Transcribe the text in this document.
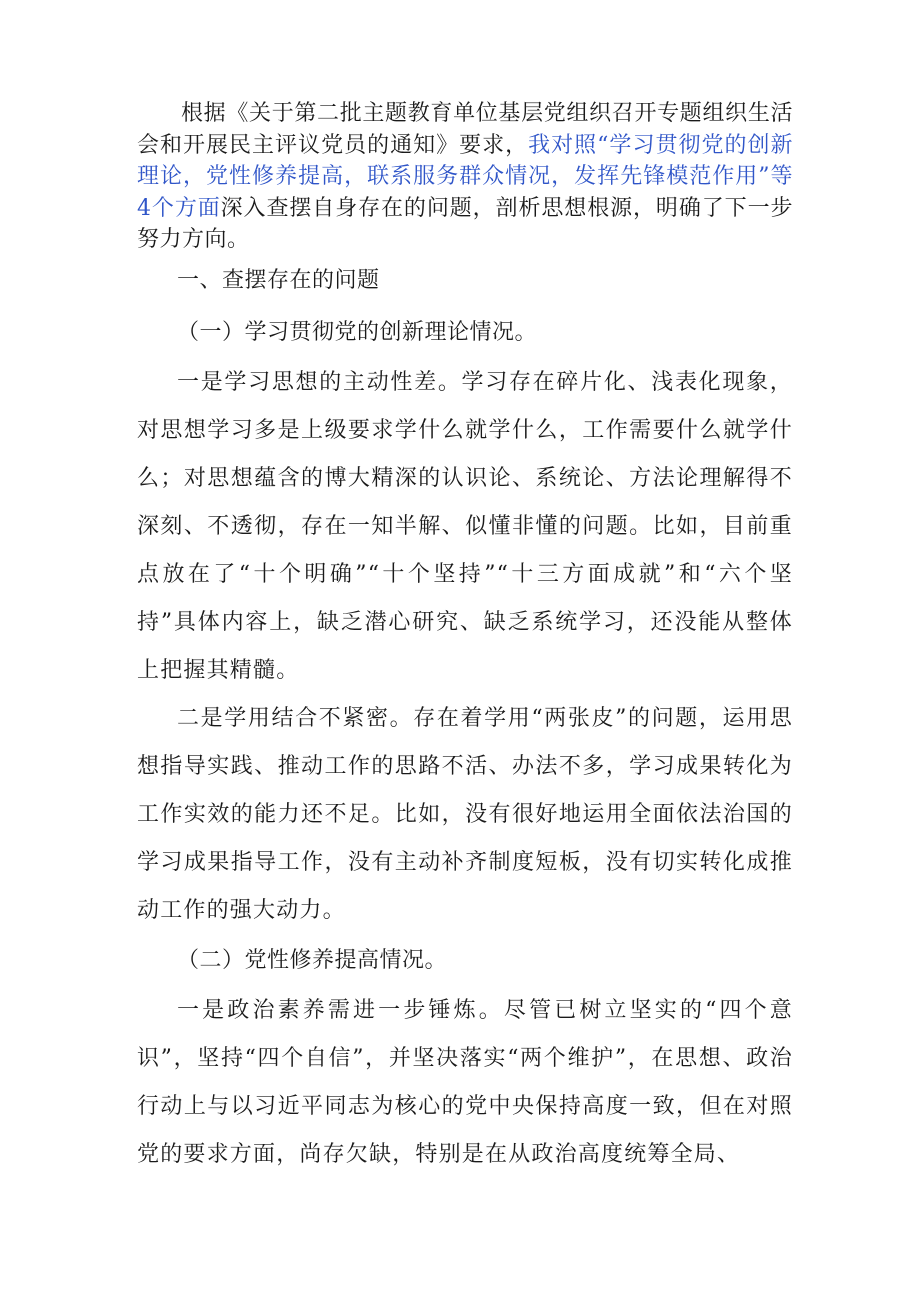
根据《关于第二批主题教育单位基层党组织召开专题组织生活会和开展民主评议党员的通知》要求，我对照“学习贯彻党的创新理论，党性修养提高，联系服务群众情况，发挥先锋模范作用”等4个方面深入查摆自身存在的问题，剖析思想根源，明确了下一步努力方向。

一、查摆存在的问题

（一）学习贯彻党的创新理论情况。

一是学习思想的主动性差。学习存在碎片化、浅表化现象，对思想学习多是上级要求学什么就学什么，工作需要什么就学什么；对思想蕴含的博大精深的认识论、系统论、方法论理解得不深刻、不透彻，存在一知半解、似懂非懂的问题。比如，目前重点放在了“十个明确”“十个坚持”“十三方面成就”和“六个坚持”具体内容上，缺乏潜心研究、缺乏系统学习，还没能从整体上把握其精髓。

二是学用结合不紧密。存在着学用“两张皮”的问题，运用思想指导实践、推动工作的思路不活、办法不多，学习成果转化为工作实效的能力还不足。比如，没有很好地运用全面依法治国的学习成果指导工作，没有主动补齐制度短板，没有切实转化成推动工作的强大动力。

（二）党性修养提高情况。

一是政治素养需进一步锤炼。尽管已树立坚实的“四个意识”，坚持“四个自信”，并坚决落实“两个维护”，在思想、政治行动上与以习近平同志为核心的党中央保持高度一致，但在对照党的要求方面，尚存欠缺，特别是在从政治高度统筹全局、
